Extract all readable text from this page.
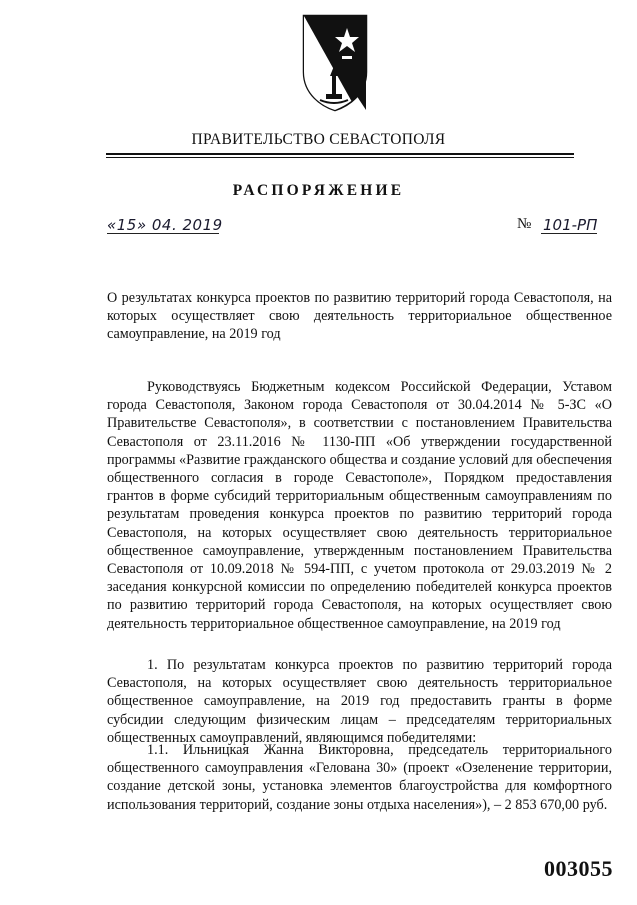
ПРАВИТЕЛЬСТВО СЕВАСТОПОЛЯ
РАСПОРЯЖЕНИЕ
«15» 04. 2019	№ 101-РП

О результатах конкурса проектов по развитию территорий города Севастополя, на которых осуществляет свою деятельность территориальное общественное самоуправление, на 2019 год

Руководствуясь Бюджетным кодексом Российской Федерации, Уставом города Севастополя, Законом города Севастополя от 30.04.2014 № 5-ЗС «О Правительстве Севастополя», в соответствии с постановлением Правительства Севастополя от 23.11.2016 № 1130-ПП «Об утверждении государственной программы «Развитие гражданского общества и создание условий для обеспечения общественного согласия в городе Севастополе», Порядком предоставления грантов в форме субсидий территориальным общественным самоуправлениям по результатам проведения конкурса проектов по развитию территорий города Севастополя, на которых осуществляет свою деятельность территориальное общественное самоуправление, утвержденным постановлением Правительства Севастополя от 10.09.2018 № 594-ПП, с учетом протокола от 29.03.2019 № 2 заседания конкурсной комиссии по определению победителей конкурса проектов по развитию территорий города Севастополя, на которых осуществляет свою деятельность территориальное общественное самоуправление, на 2019 год

1. По результатам конкурса проектов по развитию территорий города Севастополя, на которых осуществляет свою деятельность территориальное общественное самоуправление, на 2019 год предоставить гранты в форме субсидии следующим физическим лицам – председателям территориальных общественных самоуправлений, являющимся победителями:

1.1. Ильницкая Жанна Викторовна, председатель территориального общественного самоуправления «Гелована 30» (проект «Озеленение территории, создание детской зоны, установка элементов благоустройства для комфортного использования территорий, создание зоны отдыха населения»), – 2 853 670,00 руб.

003055
